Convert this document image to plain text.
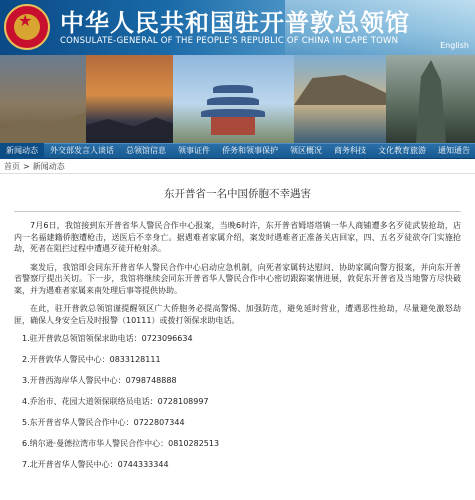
★ 中华人民共和国驻开普敦总领馆
CONSULATE-GENERAL OF THE PEOPLE'S REPUBLIC OF CHINA IN CAPE TOWN	English
新闻动态	外交部发言人谈话	总领馆信息	领事证件	侨务和领事保护	领区概况	商务科技	文化教育旅游	通知通告
首页 > 新闻动态
东开普省一名中国侨胞不幸遇害

7月6日，我馆接到东开普省华人警民合作中心报案，当晚6时许，东开普省姆塔塔镇一华人商铺遭多名歹徒武装抢劫，店内一名福建籍侨胞遭枪击，送医后不幸身亡。据遇难者家属介绍，案发时遇难者正准备关店回家，四、五名歹徒欲夺门实施抢劫，死者在阻拦过程中遭遇歹徒开枪射杀。

案发后，我馆即会同东开普省华人警民合作中心启动应急机制，向死者家属转达慰问、协助家属向警方报案，并向东开普省警察厅提出关切。下一步，我馆将继续会同东开普省华人警民合作中心密切跟踪案情进展，敦促东开普省及当地警方尽快破案，并为遇难者家属来南处理后事等提供协助。

在此，驻开普敦总领馆谨提醒领区广大侨胞务必提高警惕、加强防范，避免延时营业，遭遇恶性抢劫，尽量避免激怒劫匪，确保人身安全后及时报警（10111）或拨打领保求助电话。

1.驻开普敦总领馆领保求助电话：0723096634

2.开普敦华人警民中心：0833128111

3.开普西海岸华人警民中心：0798748888

4.乔治市、花园大道领保联络员电话：0728108997

5.东开普省华人警民合作中心：0722807344

6.纳尔逊·曼德拉湾市华人警民合作中心：0810282513

7.北开普省华人警民中心：0744333344
